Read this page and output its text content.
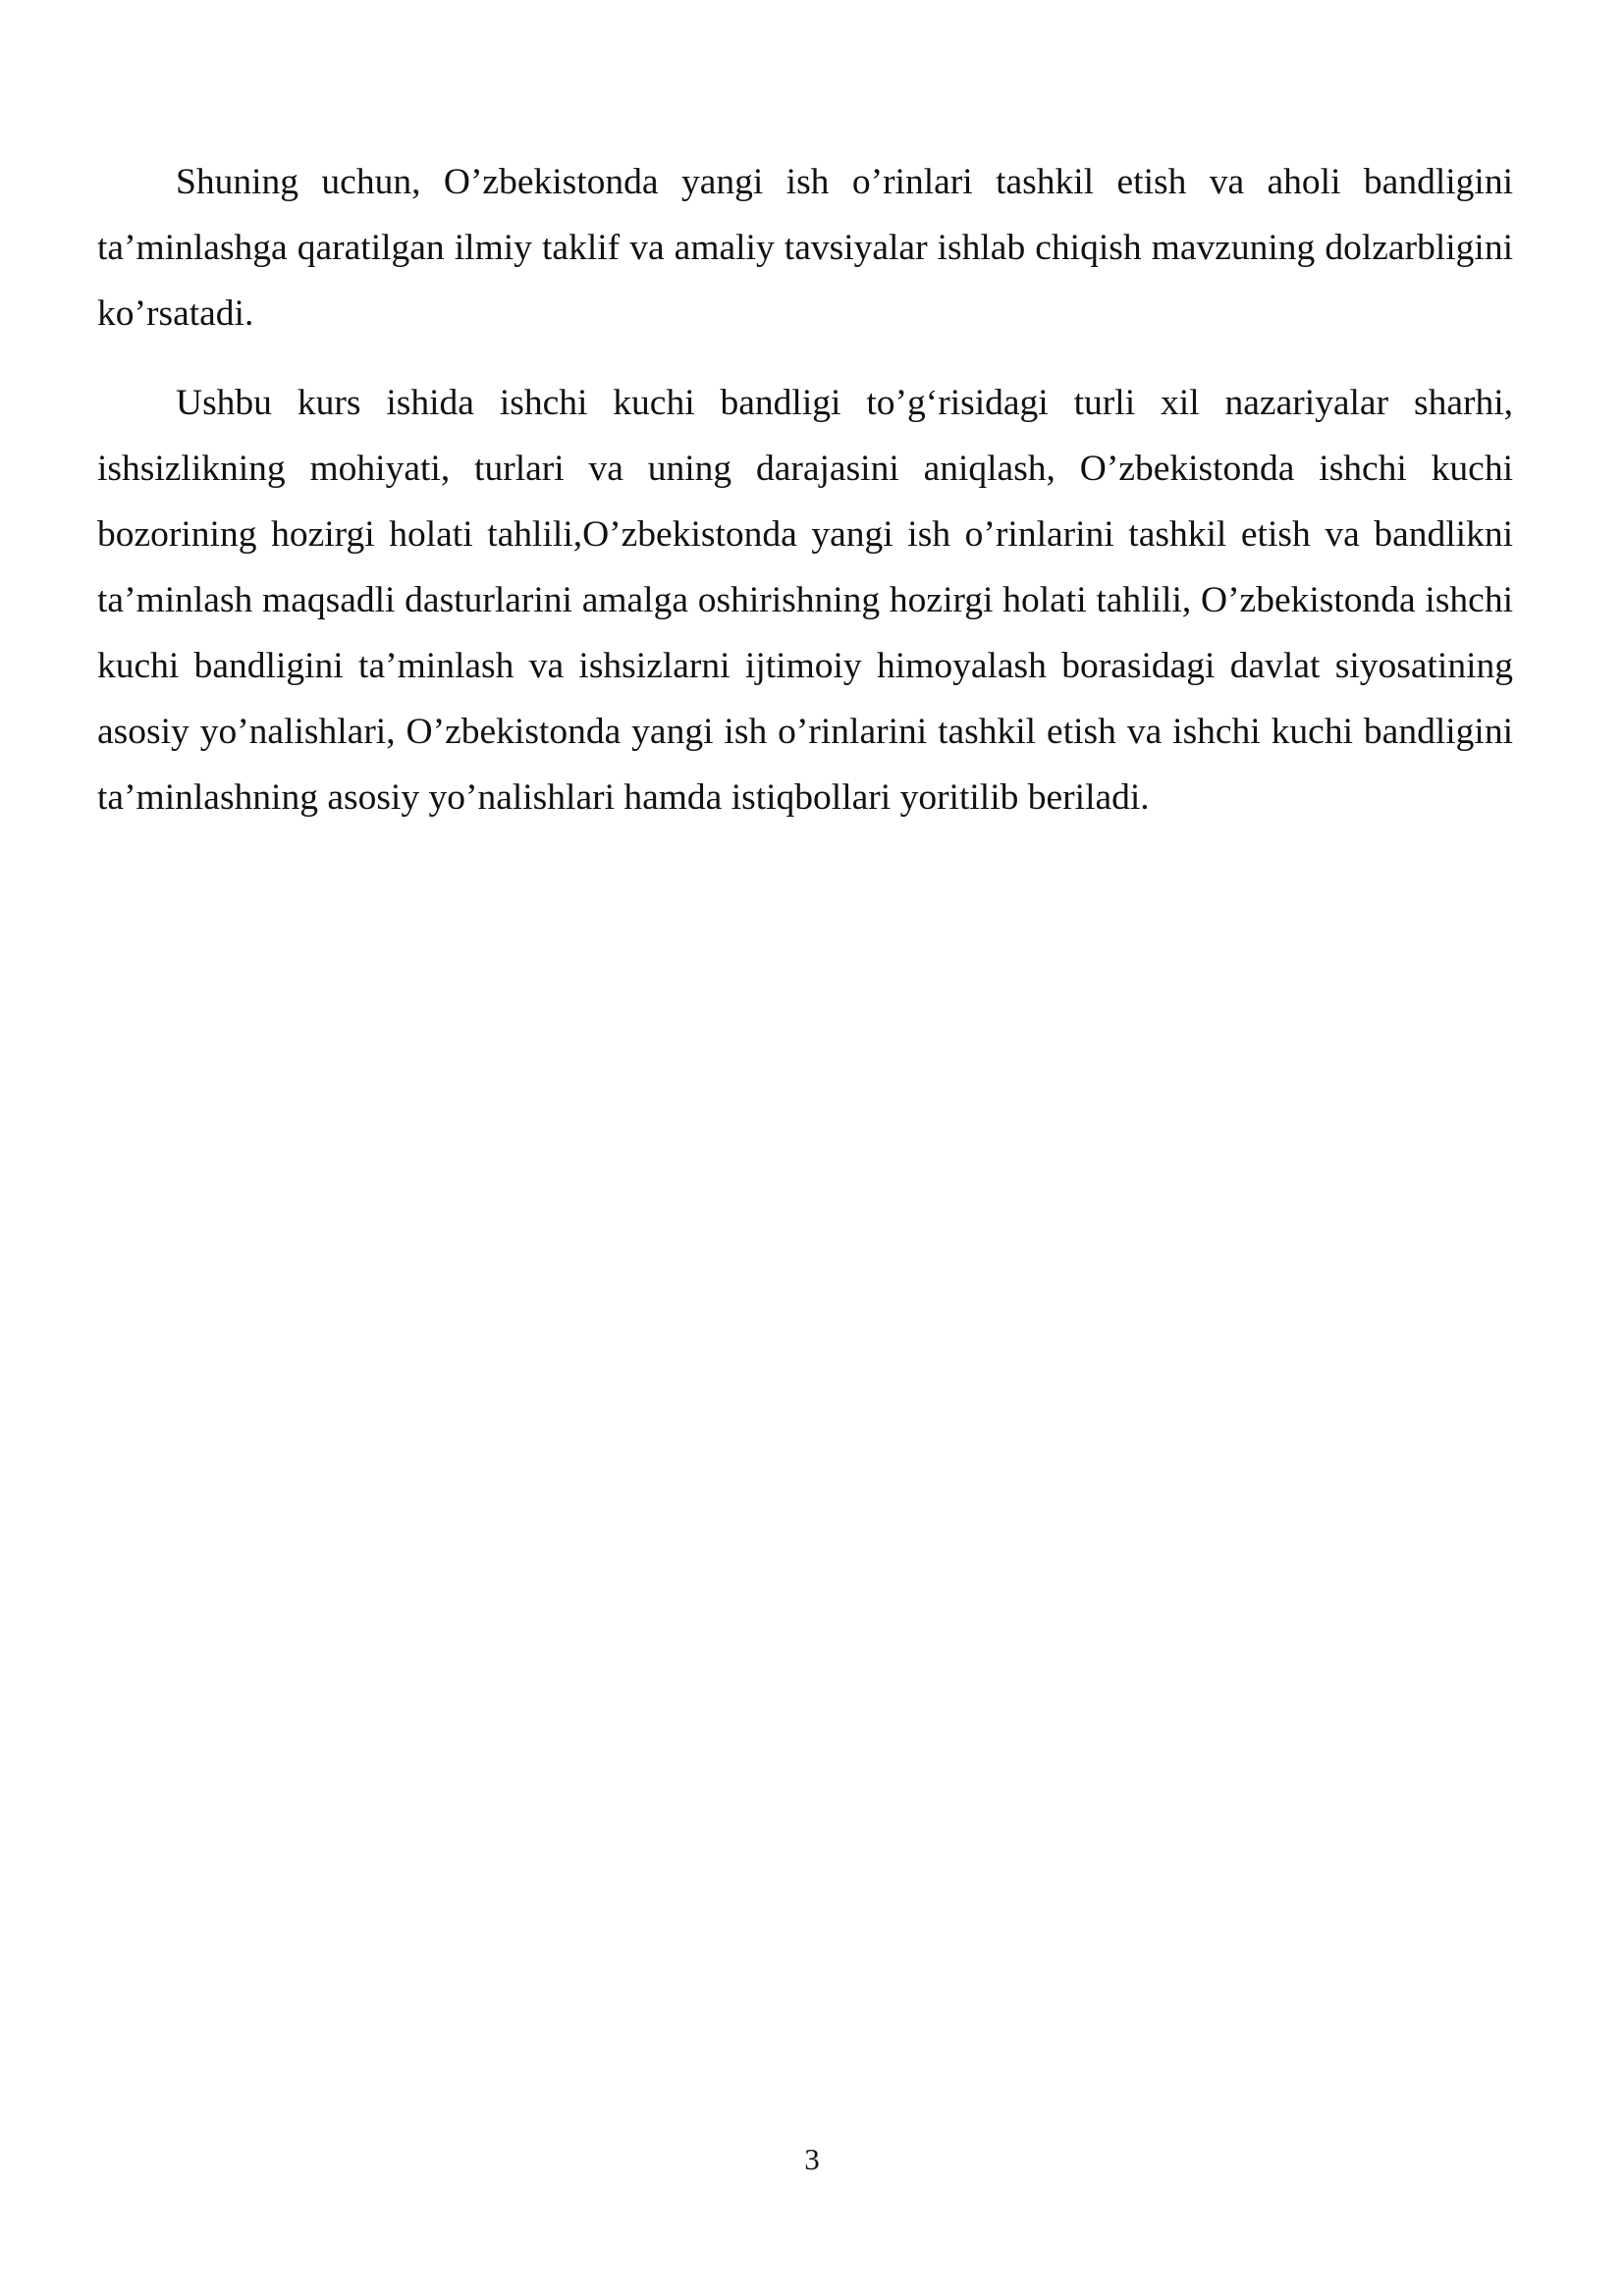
Shuning uchun, O’zbekistonda yangi ish o’rinlari tashkil etish va aholi bandligini ta’minlashga qaratilgan ilmiy taklif va amaliy tavsiyalar ishlab chiqish mavzuning dolzarbligini ko’rsatadi.

Ushbu kurs ishida ishchi kuchi bandligi to’g‘risidagi turli xil nazariyalar sharhi, ishsizlikning mohiyati, turlari va uning darajasini aniqlash, O’zbekistonda ishchi kuchi bozorining hozirgi holati tahlili,O’zbekistonda yangi ish o’rinlarini tashkil etish va bandlikni ta’minlash maqsadli dasturlarini amalga oshirishning hozirgi holati tahlili, O’zbekistonda ishchi kuchi bandligini ta’minlash va ishsizlarni ijtimoiy himoyalash borasidagi davlat siyosatining asosiy yo’nalishlari, O’zbekistonda yangi ish o’rinlarini tashkil etish va ishchi kuchi bandligini ta’minlashning asosiy yo’nalishlari hamda istiqbollari yoritilib beriladi.

3
